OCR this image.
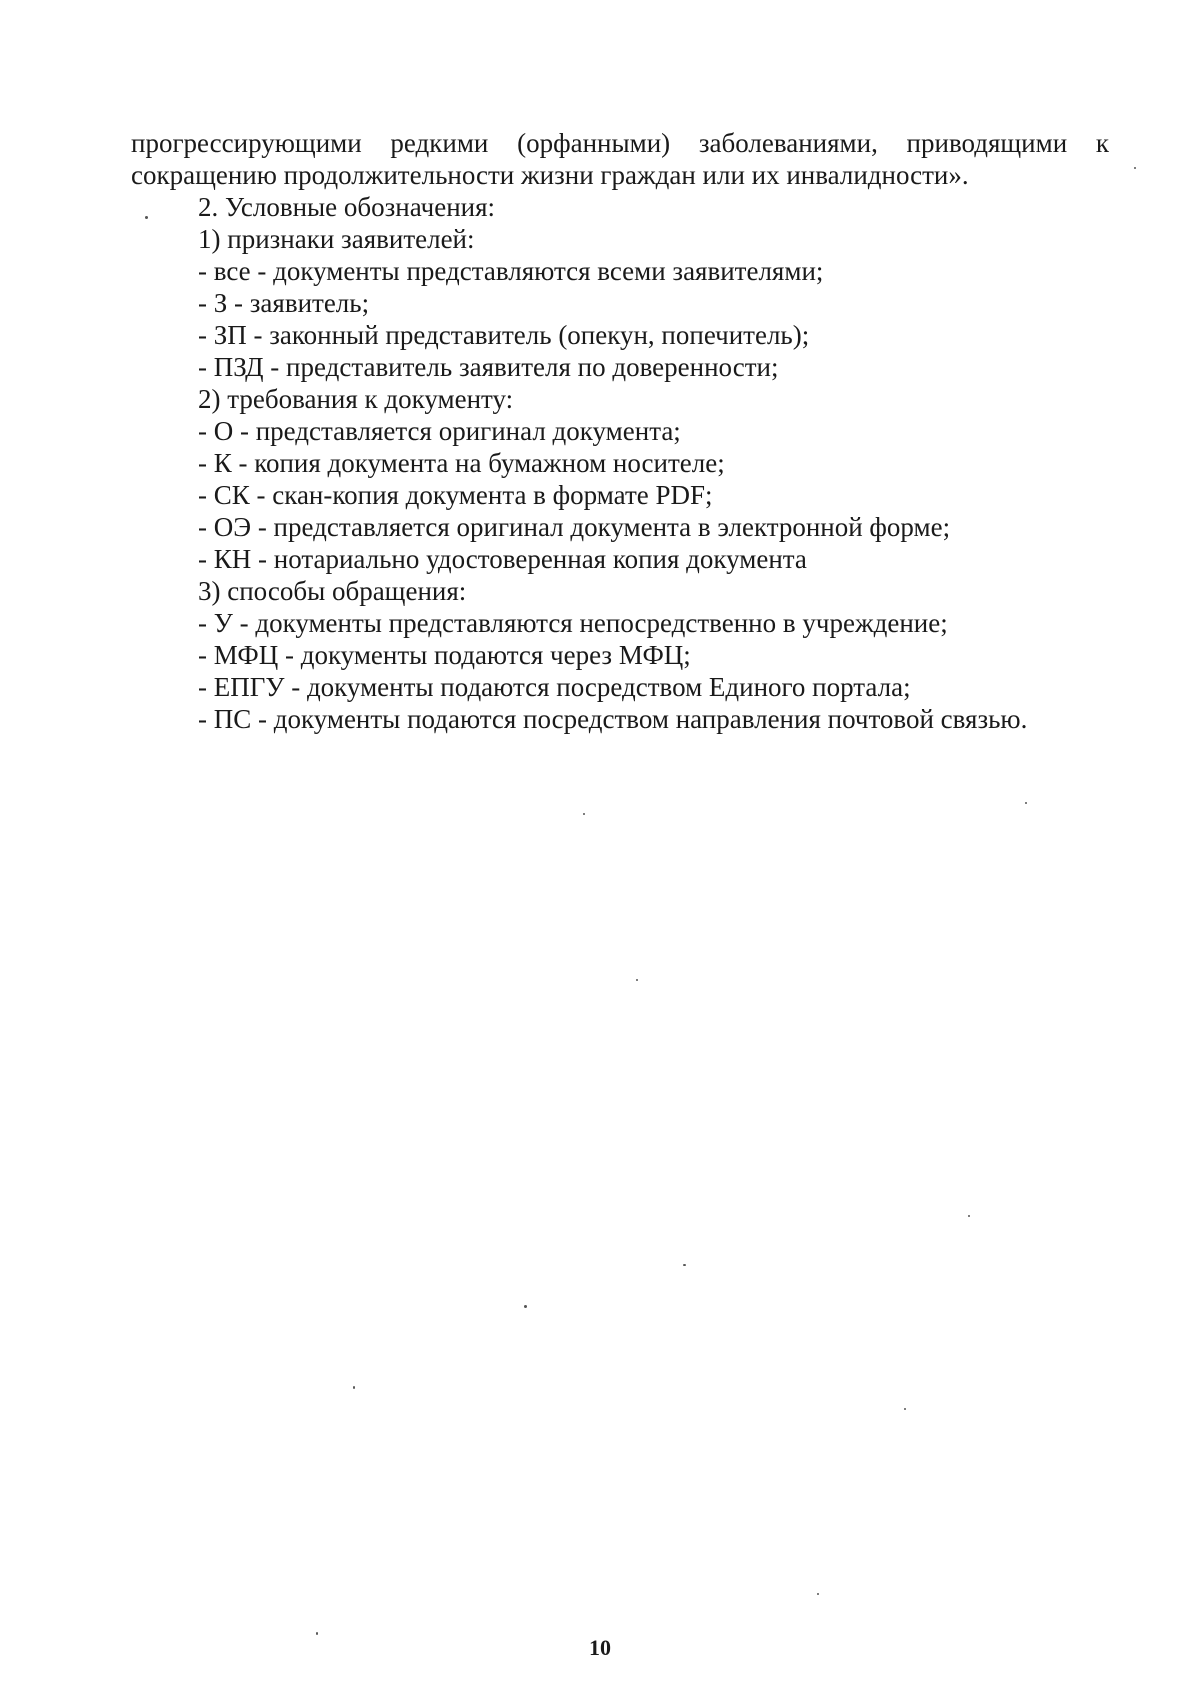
прогрессирующими редкими (орфанными) заболеваниями, приводящими к
сокращению продолжительности жизни граждан или их инвалидности».
2. Условные обозначения:
1) признаки заявителей:
- все - документы представляются всеми заявителями;
- З - заявитель;
- ЗП - законный представитель (опекун, попечитель);
- ПЗД - представитель заявителя по доверенности;
2) требования к документу:
- О - представляется оригинал документа;
- К - копия документа на бумажном носителе;
- СК - скан-копия документа в формате PDF;
- ОЭ - представляется оригинал документа в электронной форме;
- КН - нотариально удостоверенная копия документа
3) способы обращения:
- У - документы представляются непосредственно в учреждение;
- МФЦ - документы подаются через МФЦ;
- ЕПГУ - документы подаются посредством Единого портала;
- ПС - документы подаются посредством направления почтовой связью.
10
